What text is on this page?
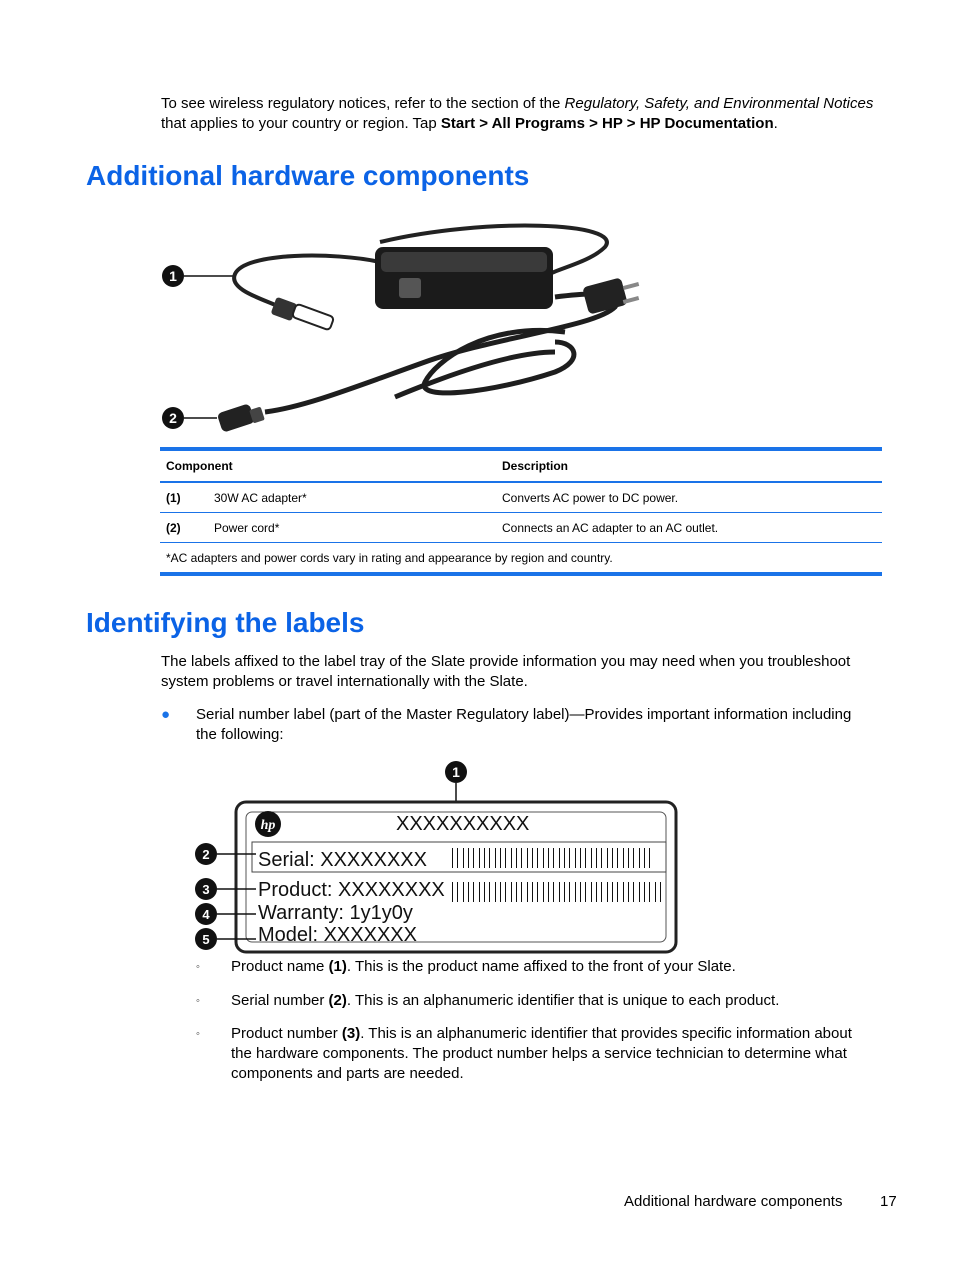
To see wireless regulatory notices, refer to the section of the Regulatory, Safety, and Environmental Notices that applies to your country or region. Tap Start > All Programs > HP > HP Documentation.

Additional hardware components
1
2
Component		Description
(1)	30W AC adapter*	Converts AC power to DC power.
(2)	Power cord*	Connects an AC adapter to an AC outlet.
*AC adapters and power cords vary in rating and appearance by region and country.		
Identifying the labels

The labels affixed to the label tray of the Slate provide information you may need when you troubleshoot system problems or travel internationally with the Slate.

● Serial number label (part of the Master Regulatory label)—Provides important information including the following:
1
hp	XXXXXXXXXX
Serial: XXXXXXXX
Product: XXXXXXXX
Warranty: 1y1y0y
Model: XXXXXXX
2
3
4
5
◦ Product name (1). This is the product name affixed to the front of your Slate.
◦ Serial number (2). This is an alphanumeric identifier that is unique to each product.
◦ Product number (3). This is an alphanumeric identifier that provides specific information about the hardware components. The product number helps a service technician to determine what components and parts are needed.
Additional hardware components	17
